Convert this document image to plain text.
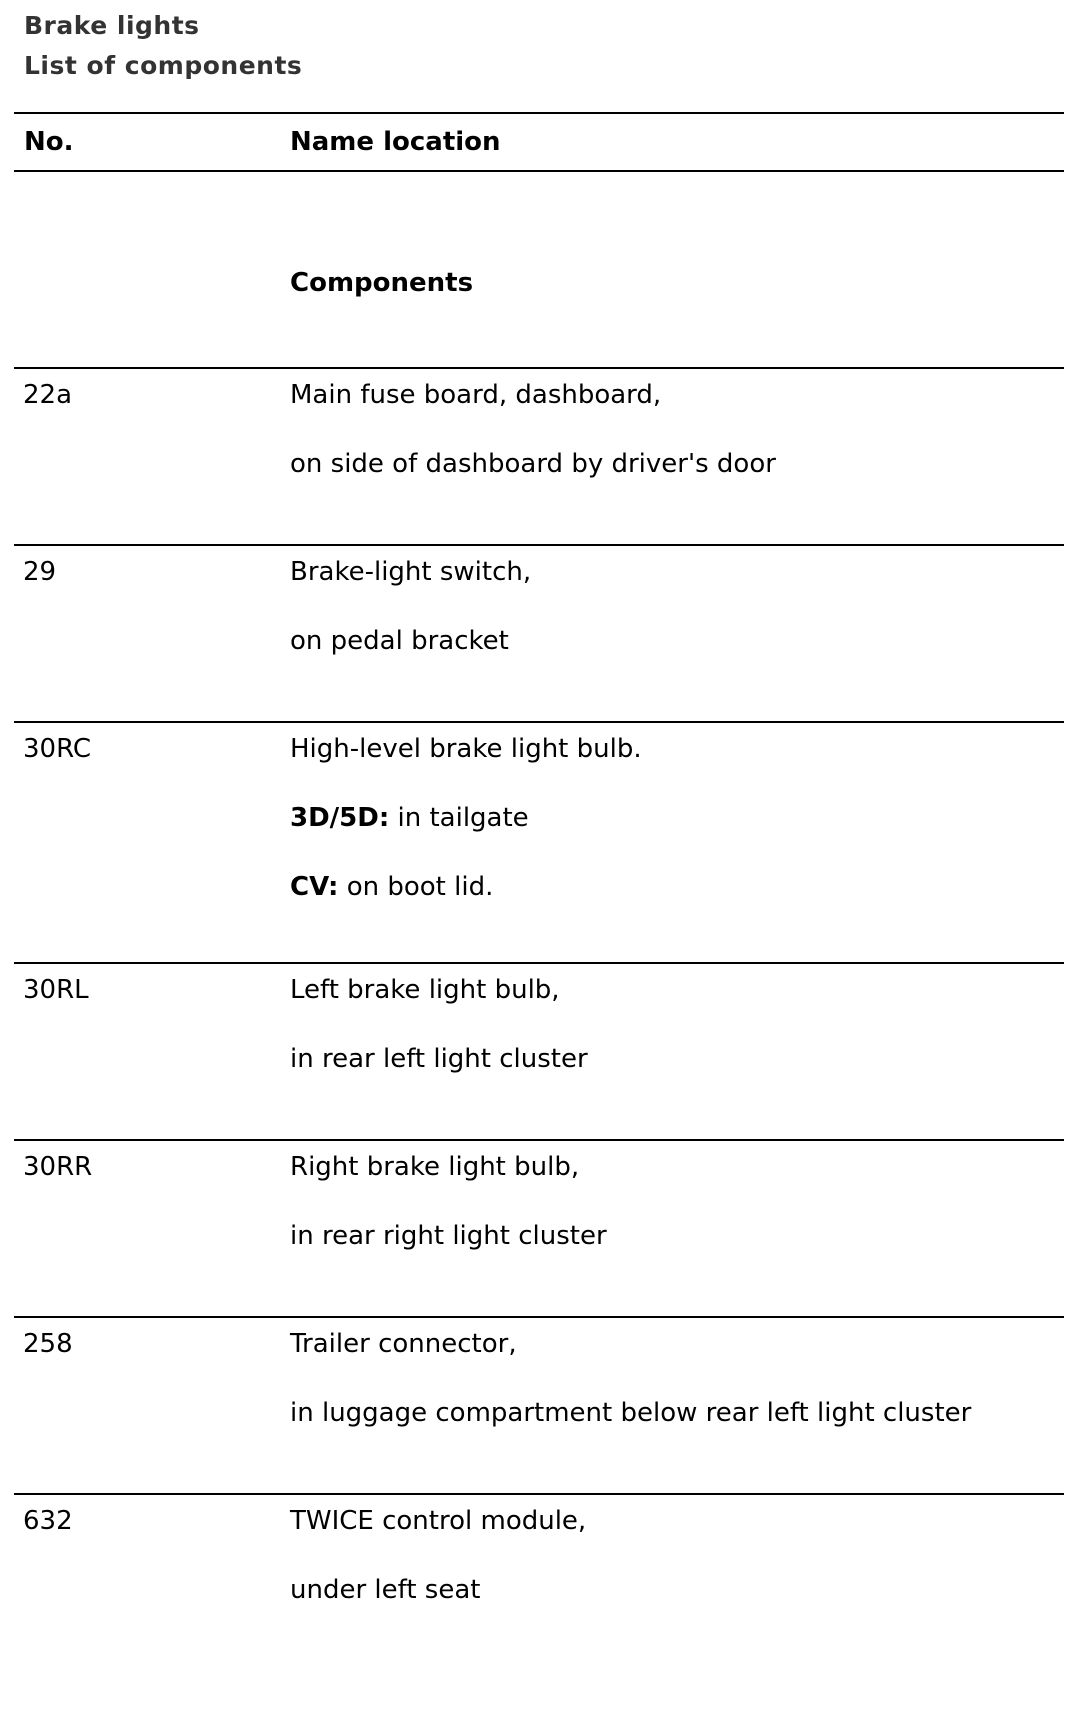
Brake lights
List of components
No.	Name location
Components
22a	Main fuse board, dashboard,
on side of dashboard by driver's door
29	Brake-light switch,
on pedal bracket
30RC	High-level brake light bulb.
3D/5D: in tailgate
CV: on boot lid.
30RL	Left brake light bulb,
in rear left light cluster
30RR	Right brake light bulb,
in rear right light cluster
258	Trailer connector,
in luggage compartment below rear left light cluster
632	TWICE control module,
under left seat
